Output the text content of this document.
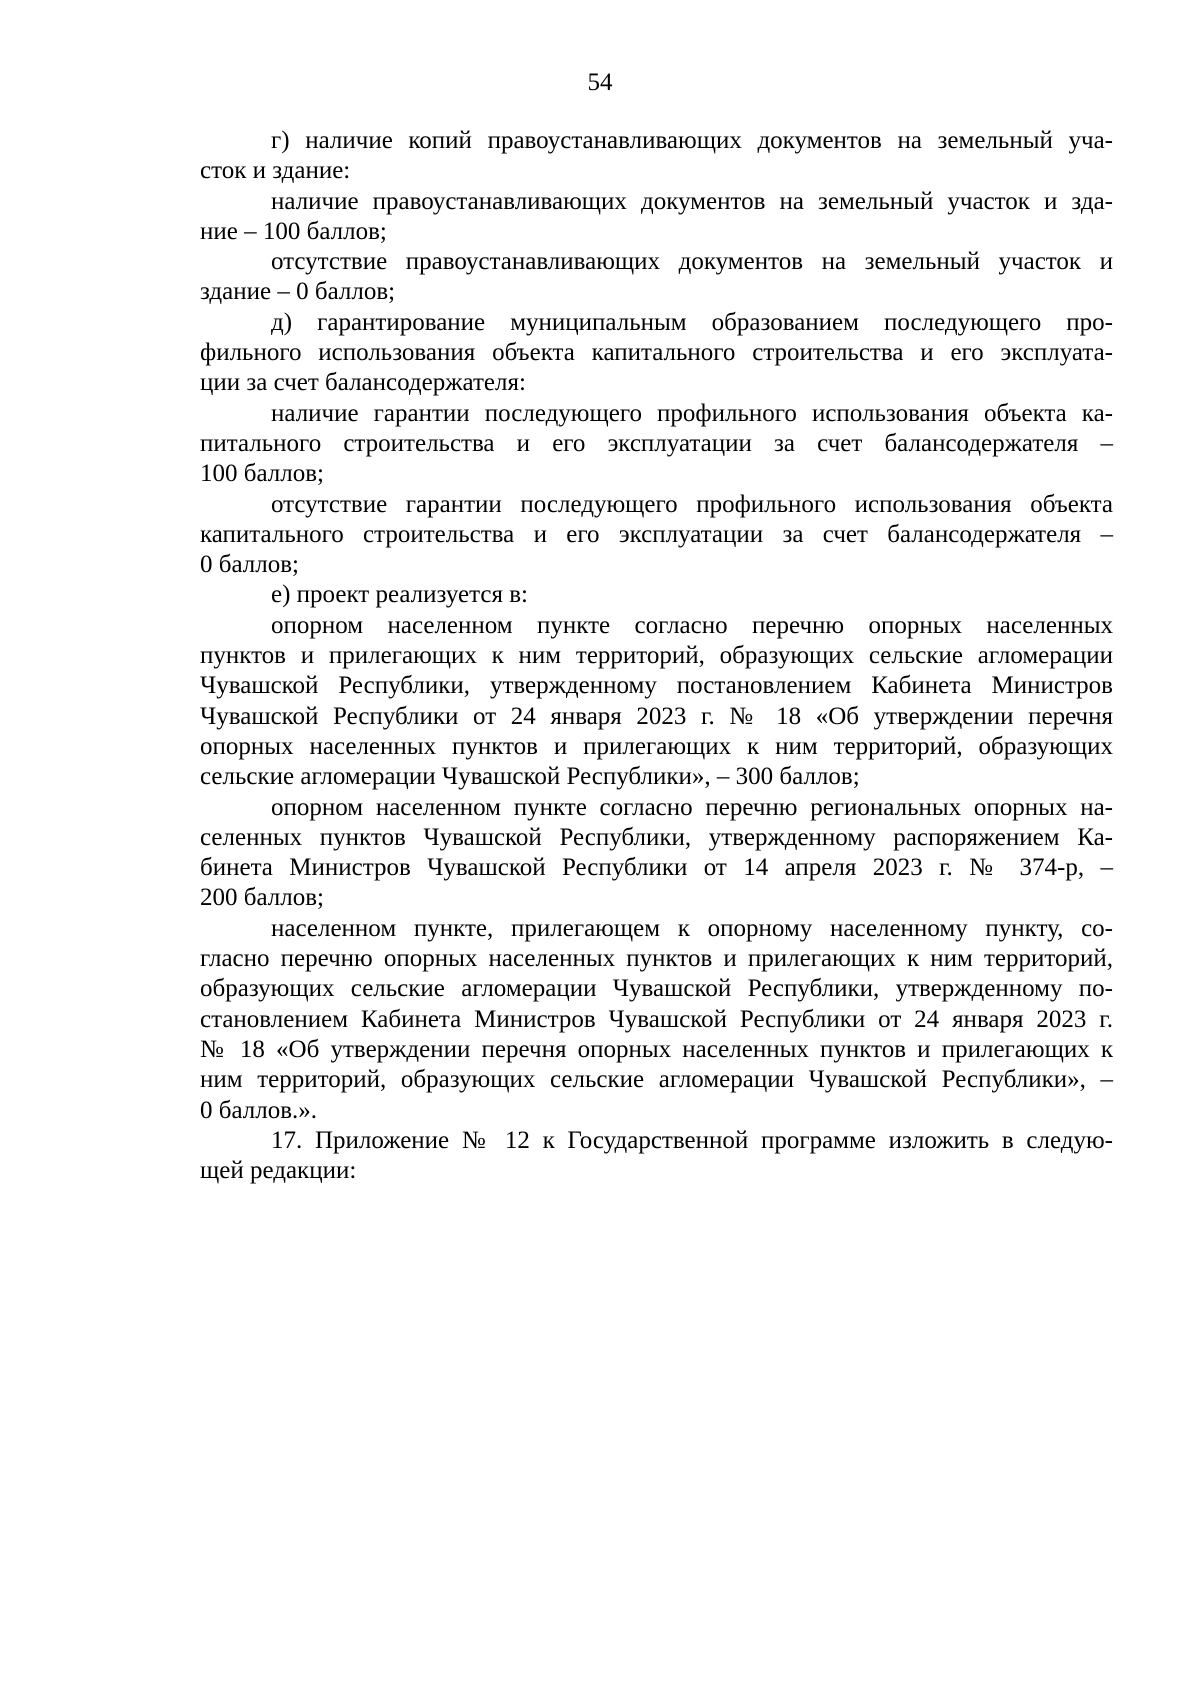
54
г) наличие копий правоустанавливающих документов на земельный уча-
сток и здание:
наличие правоустанавливающих документов на земельный участок и зда-
ние – 100 баллов;
отсутствие правоустанавливающих документов на земельный участок и
здание – 0 баллов;
д) гарантирование муниципальным образованием последующего про-
фильного использования объекта капитального строительства и его эксплуата-
ции за счет балансодержателя:
наличие гарантии последующего профильного использования объекта ка-
питального строительства и его эксплуатации за счет балансодержателя –
100 баллов;
отсутствие гарантии последующего профильного использования объекта
капитального строительства и его эксплуатации за счет балансодержателя –
0 баллов;
е) проект реализуется в:
опорном населенном пункте согласно перечню опорных населенных
пунктов и прилегающих к ним территорий, образующих сельские агломерации
Чувашской Республики, утвержденному постановлением Кабинета Министров
Чувашской Республики от 24 января 2023 г. № 18 «Об утверждении перечня
опорных населенных пунктов и прилегающих к ним территорий, образующих
сельские агломерации Чувашской Республики», – 300 баллов;
опорном населенном пункте согласно перечню региональных опорных на-
селенных пунктов Чувашской Республики, утвержденному распоряжением Ка-
бинета Министров Чувашской Республики от 14 апреля 2023 г. № 374-р, –
200 баллов;
населенном пункте, прилегающем к опорному населенному пункту, со-
гласно перечню опорных населенных пунктов и прилегающих к ним территорий,
образующих сельские агломерации Чувашской Республики, утвержденному по-
становлением Кабинета Министров Чувашской Республики от 24 января 2023 г.
№ 18 «Об утверждении перечня опорных населенных пунктов и прилегающих к
ним территорий, образующих сельские агломерации Чувашской Республики», –
0 баллов.».
17. Приложение № 12 к Государственной программе изложить в следую-
щей редакции:
